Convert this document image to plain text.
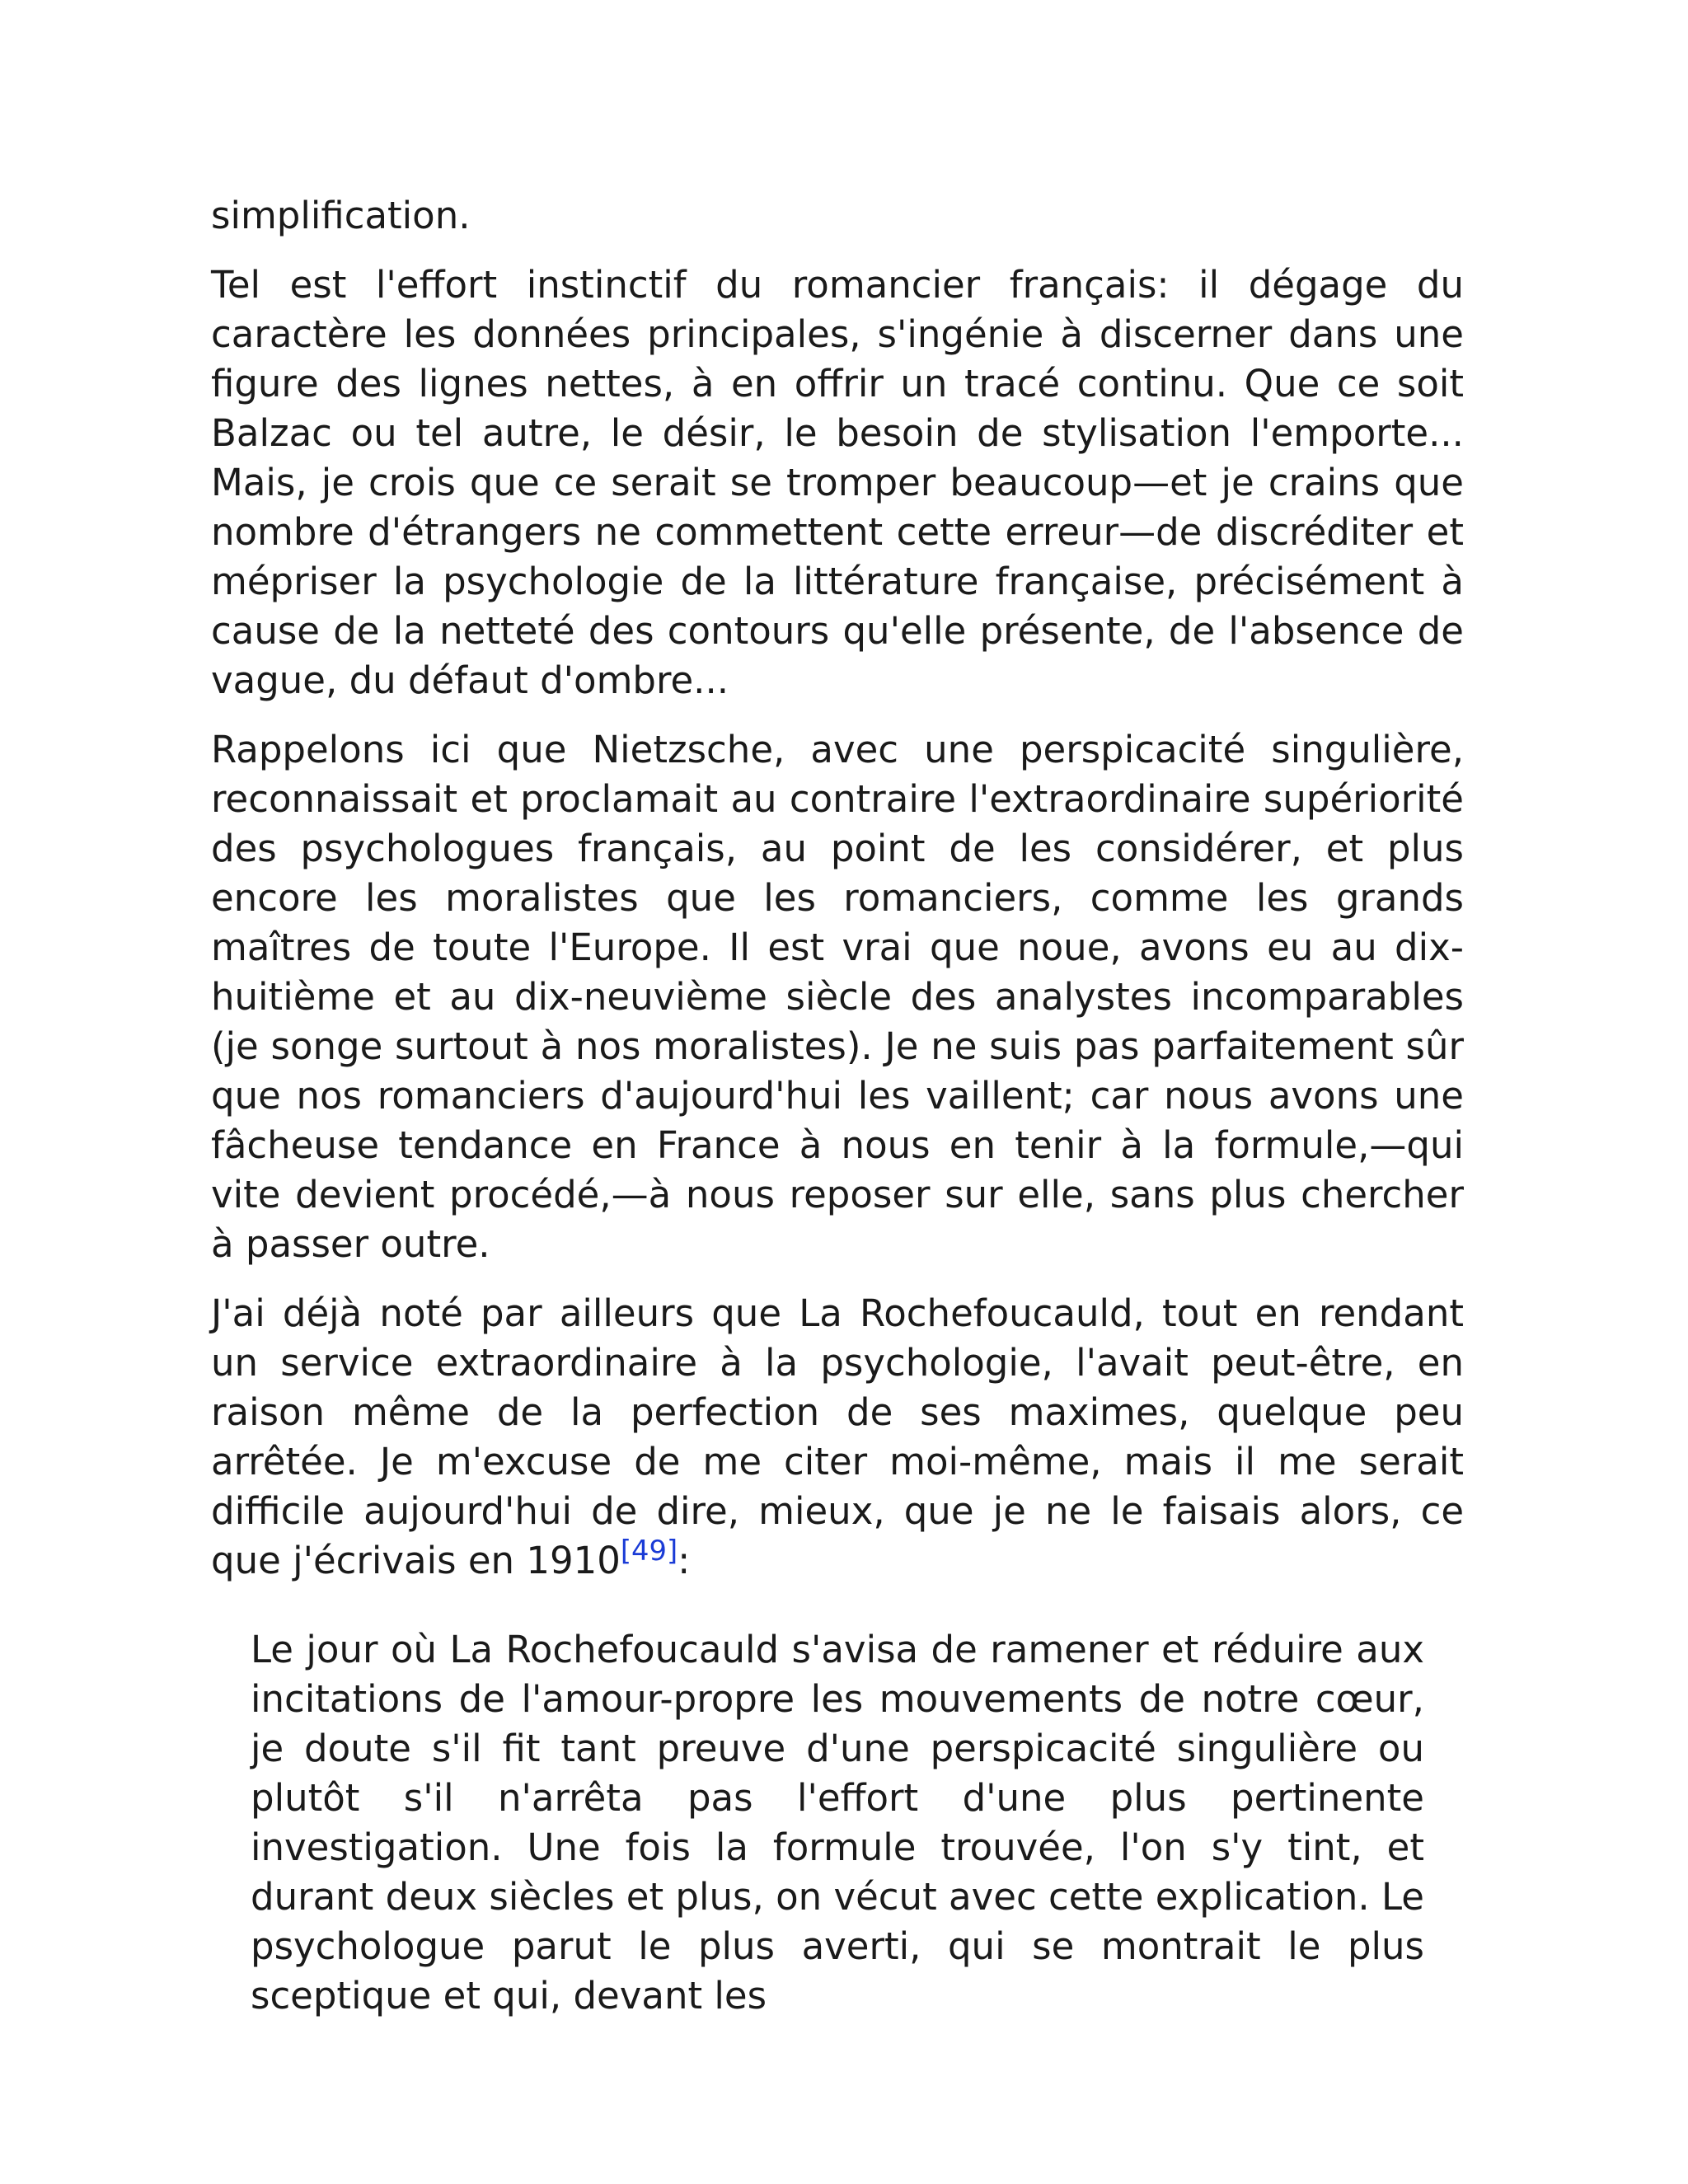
simplification.

Tel est l'effort instinctif du romancier français: il dégage du caractère les données principales, s'ingénie à discerner dans une figure des lignes nettes, à en offrir un tracé continu. Que ce soit Balzac ou tel autre, le désir, le besoin de stylisation l'emporte... Mais, je crois que ce serait se tromper beaucoup—et je crains que nombre d'étrangers ne commettent cette erreur—de discréditer et mépriser la psychologie de la littérature française, précisément à cause de la netteté des contours qu'elle présente, de l'absence de vague, du défaut d'ombre...

Rappelons ici que Nietzsche, avec une perspicacité singulière, reconnaissait et proclamait au contraire l'extraordinaire supériorité des psychologues français, au point de les considérer, et plus encore les moralistes que les romanciers, comme les grands maîtres de toute l'Europe. Il est vrai que noue, avons eu au dix-huitième et au dix-neuvième siècle des analystes incomparables (je songe surtout à nos moralistes). Je ne suis pas parfaitement sûr que nos romanciers d'aujourd'hui les vaillent; car nous avons une fâcheuse tendance en France à nous en tenir à la formule,—qui vite devient procédé,—à nous reposer sur elle, sans plus chercher à passer outre.

J'ai déjà noté par ailleurs que La Rochefoucauld, tout en rendant un service extraordinaire à la psychologie, l'avait peut-être, en raison même de la perfection de ses maximes, quelque peu arrêtée. Je m'excuse de me citer moi-même, mais il me serait difficile aujourd'hui de dire, mieux, que je ne le faisais alors, ce que j'écrivais en 1910[49]:

Le jour où La Rochefoucauld s'avisa de ramener et réduire aux incitations de l'amour-propre les mouvements de notre cœur, je doute s'il fit tant preuve d'une perspicacité singulière ou plutôt s'il n'arrêta pas l'effort d'une plus pertinente investigation. Une fois la formule trouvée, l'on s'y tint, et durant deux siècles et plus, on vécut avec cette explication. Le psychologue parut le plus averti, qui se montrait le plus sceptique et qui, devant les
